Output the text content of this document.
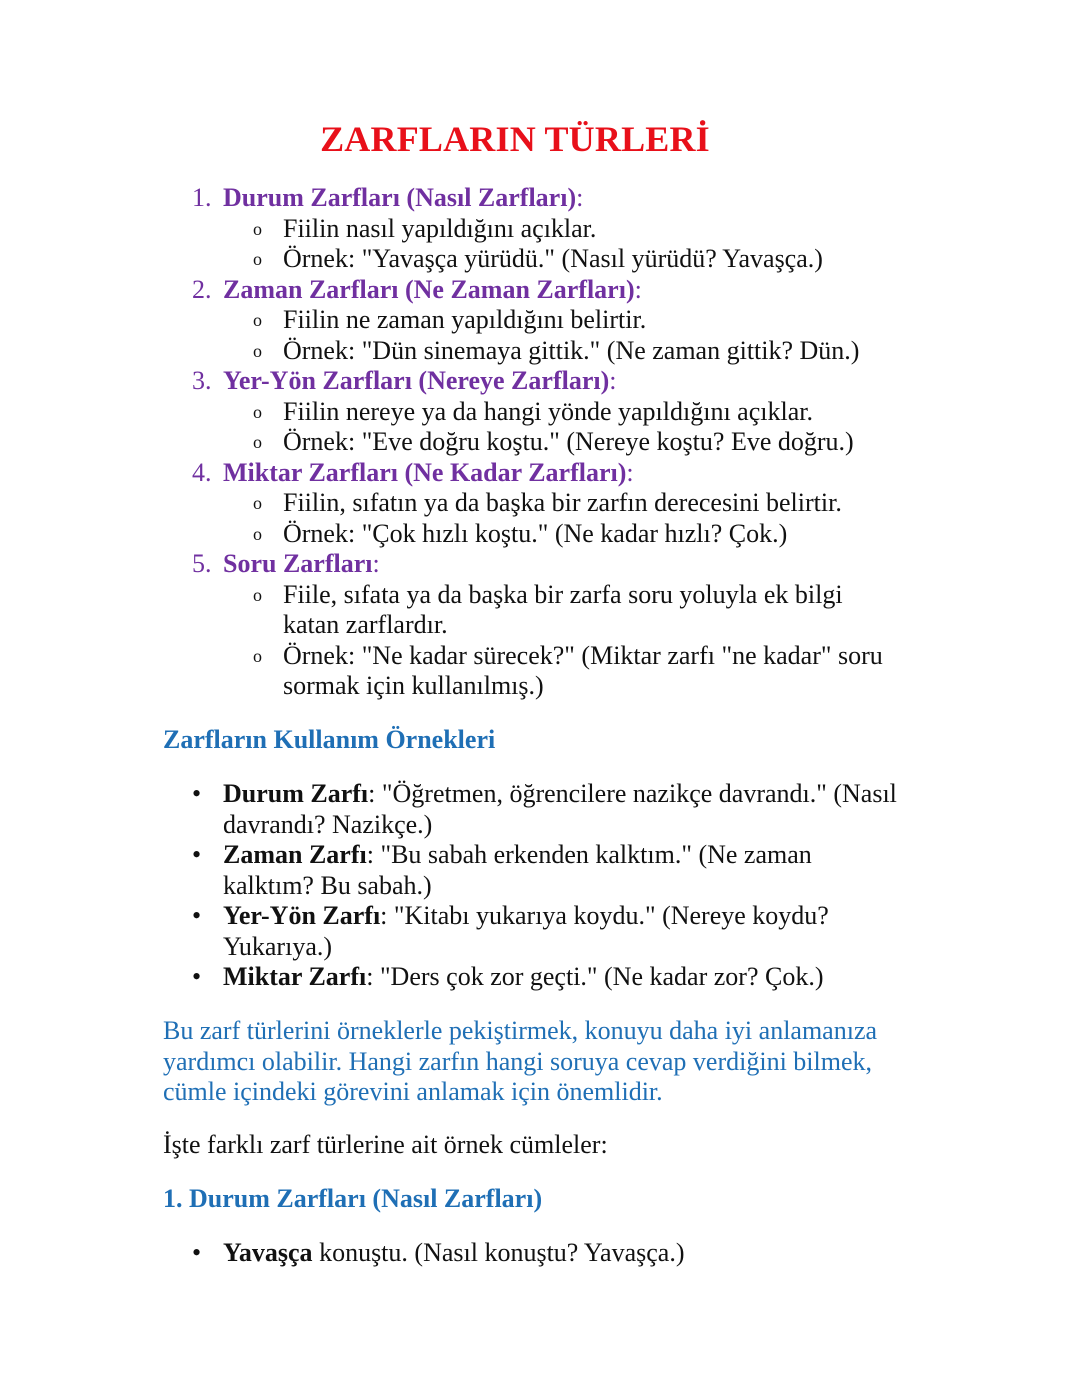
ZARFLARIN TÜRLERİ
1. Durum Zarfları (Nasıl Zarfları):
o Fiilin nasıl yapıldığını açıklar.
o Örnek: "Yavaşça yürüdü." (Nasıl yürüdü? Yavaşça.)
2. Zaman Zarfları (Ne Zaman Zarfları):
o Fiilin ne zaman yapıldığını belirtir.
o Örnek: "Dün sinemaya gittik." (Ne zaman gittik? Dün.)
3. Yer-Yön Zarfları (Nereye Zarfları):
o Fiilin nereye ya da hangi yönde yapıldığını açıklar.
o Örnek: "Eve doğru koştu." (Nereye koştu? Eve doğru.)
4. Miktar Zarfları (Ne Kadar Zarfları):
o Fiilin, sıfatın ya da başka bir zarfın derecesini belirtir.
o Örnek: "Çok hızlı koştu." (Ne kadar hızlı? Çok.)
5. Soru Zarfları:
o Fiile, sıfata ya da başka bir zarfa soru yoluyla ek bilgi katan zarflardır.
o Örnek: "Ne kadar sürecek?" (Miktar zarfı "ne kadar" soru sormak için kullanılmış.)
Zarfların Kullanım Örnekleri
• Durum Zarfı: "Öğretmen, öğrencilere nazikçe davrandı." (Nasıl davrandı? Nazikçe.)
• Zaman Zarfı: "Bu sabah erkenden kalktım." (Ne zaman kalktım? Bu sabah.)
• Yer-Yön Zarfı: "Kitabı yukarıya koydu." (Nereye koydu? Yukarıya.)
• Miktar Zarfı: "Ders çok zor geçti." (Ne kadar zor? Çok.)

Bu zarf türlerini örneklerle pekiştirmek, konuyu daha iyi anlamanıza yardımcı olabilir. Hangi zarfın hangi soruya cevap verdiğini bilmek, cümle içindeki görevini anlamak için önemlidir.

İşte farklı zarf türlerine ait örnek cümleler:

1. Durum Zarfları (Nasıl Zarfları)
• Yavaşça konuştu. (Nasıl konuştu? Yavaşça.)
